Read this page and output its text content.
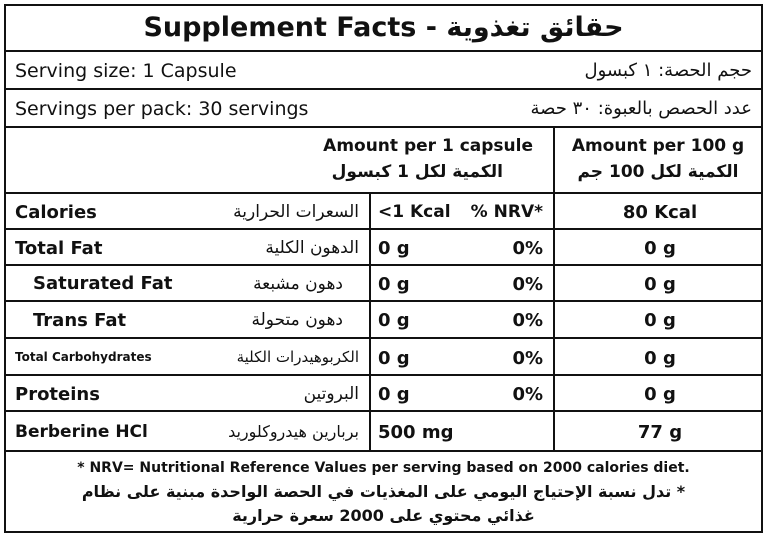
Supplement Facts - حقائق تغذوية
Serving size: 1 Capsule	حجم الحصة: ١ كبسول
Servings per pack: 30 servings	عدد الحصص بالعبوة: ٣٠ حصة
Amount per 1 capsule
الكمية لكل 1 كبسول
Amount per 100 g
الكمية لكل 100 جم
Calories	السعرات الحرارية <1 Kcal % NRV*	80 Kcal
Total Fat	الدهون الكلية 0 g	0%	0 g
Saturated Fat	دهون مشبعة 0 g	0%	0 g
Trans Fat	دهون متحولة 0 g	0%	0 g
Total Carbohydrates	الكربوهيدرات الكلية 0 g	0%	0 g
Proteins	البروتين 0 g	0%	0 g
Berberine HCl	بربارين هيدروكلوريد 500 mg	77 g
* NRV= Nutritional Reference Values per serving based on 2000 calories diet.
* تدل نسبة الإحتياج اليومي على المغذيات في الحصة الواحدة مبنية على نظام
غذائي محتوي على 2000 سعرة حرارية
